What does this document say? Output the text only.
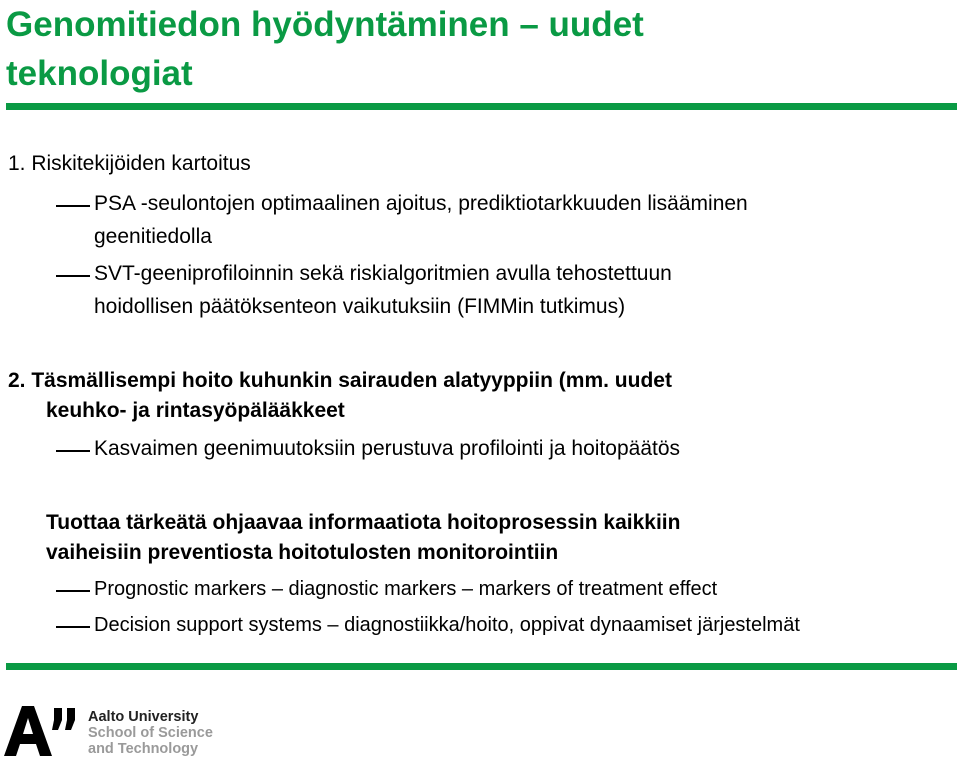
Genomitiedon hyödyntäminen – uudet
teknologiat
1. Riskitekijöiden kartoitus
PSA -seulontojen optimaalinen ajoitus, prediktiotarkkuuden lisääminen
geenitiedolla
SVT-geeniprofiloinnin sekä riskialgoritmien avulla tehostettuun
hoidollisen päätöksenteon vaikutuksiin (FIMMin tutkimus)
2. Täsmällisempi hoito kuhunkin sairauden alatyyppiin (mm. uudet
keuhko- ja rintasyöpälääkkeet
Kasvaimen geenimuutoksiin perustuva profilointi ja hoitopäätös
Tuottaa tärkeätä ohjaavaa informaatiota hoitoprosessin kaikkiin
vaiheisiin preventiosta hoitotulosten monitorointiin
Prognostic markers – diagnostic markers – markers of treatment effect
Decision support systems – diagnostiikka/hoito, oppivat dynaamiset järjestelmät
Aalto University
School of Science
and Technology
